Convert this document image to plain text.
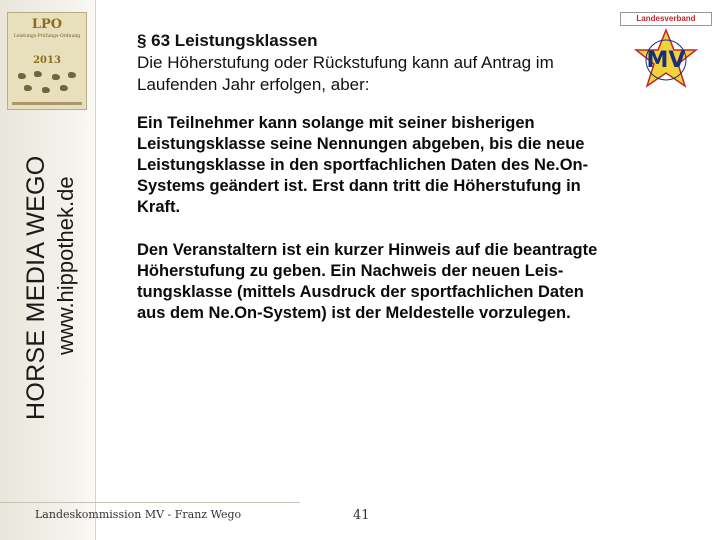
LPO
Leistungs-Prüfungs-Ordnung
2013
HORSE MEDIA WEGO www.hippothek.de
Landesverband
MV
§ 63 Leistungsklassen
Die Höherstufung oder Rückstufung kann auf Antrag im
Laufenden Jahr erfolgen, aber:
Ein Teilnehmer kann solange mit seiner bisherigen
Leistungsklasse seine Nennungen abgeben, bis die neue
Leistungsklasse in den sportfachlichen Daten des Ne.On-
Systems geändert ist. Erst dann tritt die Höherstufung in
Kraft.
Den Veranstaltern ist ein kurzer Hinweis auf die beantragte
Höherstufung zu geben. Ein Nachweis der neuen Leis-
tungsklasse (mittels Ausdruck der sportfachlichen Daten
aus dem Ne.On-System) ist der Meldestelle vorzulegen.
Landeskommission MV - Franz Wego	41
